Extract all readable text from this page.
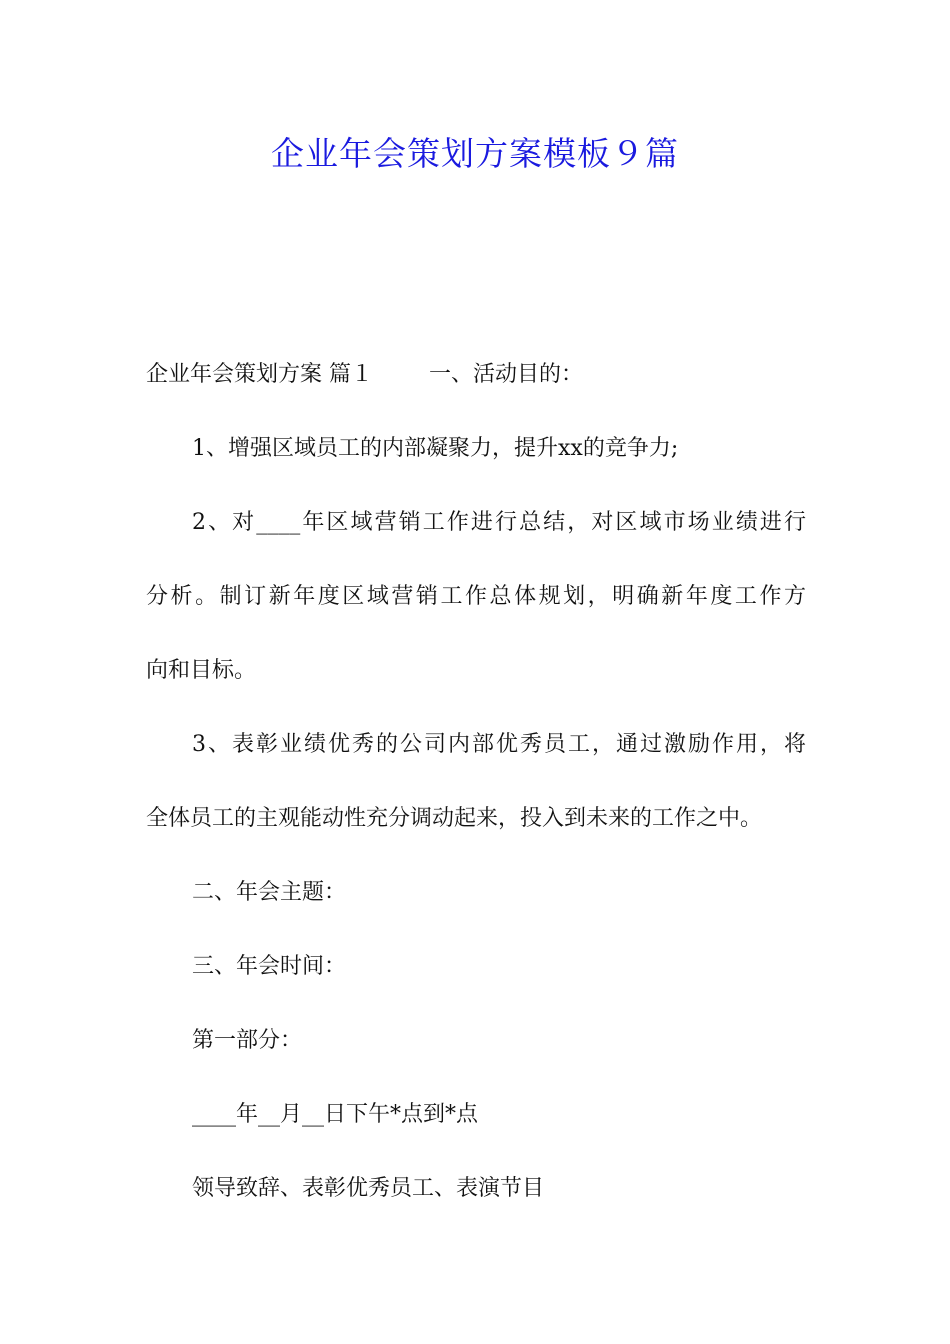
企业年会策划方案模板９篇

企业年会策划方案 篇１	一、活动目的：

1、增强区域员工的内部凝聚力，提升xx的竞争力;

2、对____年区域营销工作进行总结，对区域市场业绩进行

分析。制订新年度区域营销工作总体规划，明确新年度工作方

向和目标。

3、表彰业绩优秀的公司内部优秀员工，通过激励作用，将

全体员工的主观能动性充分调动起来，投入到未来的工作之中。

二、年会主题：

三、年会时间：

第一部分：

____年__月__日下午*点到*点

领导致辞、表彰优秀员工、表演节目
